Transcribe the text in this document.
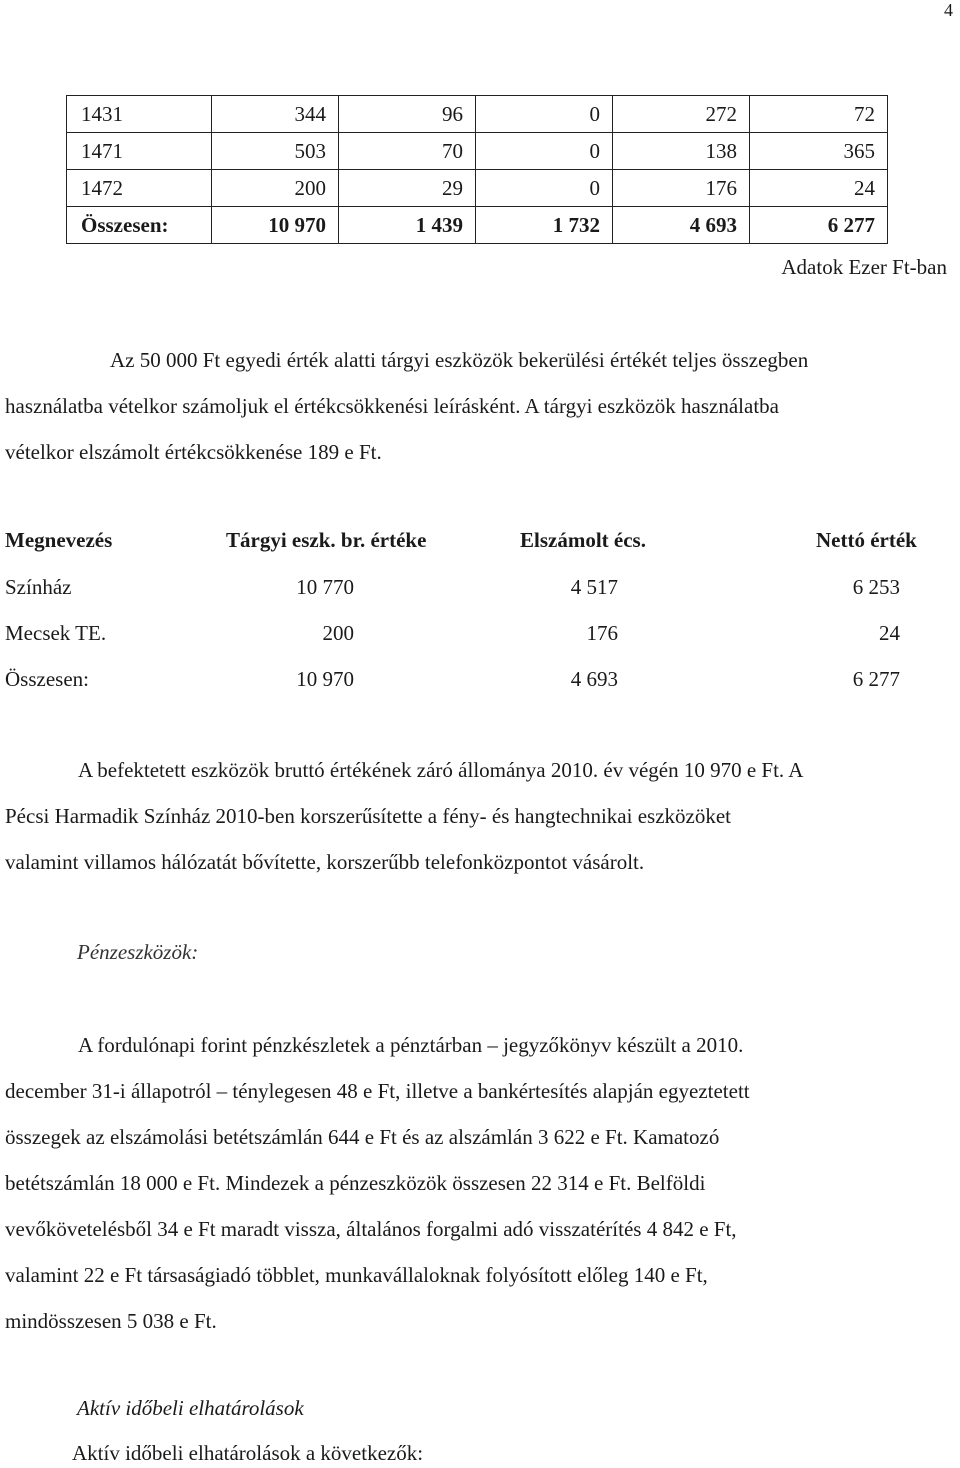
4
1431	344	96	0	272	72
1471	503	70	0	138	365
1472	200	29	0	176	24
Összesen:	10 970	1 439	1 732	4 693	6 277
Adatok Ezer Ft-ban

Az 50 000 Ft egyedi érték alatti tárgyi eszközök bekerülési értékét teljes összegben

használatba vételkor számoljuk el értékcsökkenési leírásként. A tárgyi eszközök használatba

vételkor elszámolt értékcsökkenése 189 e Ft.

Megnevezés	Tárgyi eszk. br. értéke	Elszámolt écs.	Nettó érték
Színház	10 770	4 517	6 253
Mecsek TE.	200	176	24
Összesen:	10 970	4 693	6 277

A befektetett eszközök bruttó értékének záró állománya 2010. év végén 10 970 e Ft. A

Pécsi Harmadik Színház 2010-ben korszerűsítette a fény- és hangtechnikai eszközöket

valamint villamos hálózatát bővítette, korszerűbb telefonközpontot vásárolt.

Pénzeszközök:

A fordulónapi forint pénzkészletek a pénztárban – jegyzőkönyv készült a 2010.

december 31-i állapotról – ténylegesen 48 e Ft, illetve a bankértesítés alapján egyeztetett

összegek az elszámolási betétszámlán 644 e Ft és az alszámlán 3 622 e Ft. Kamatozó

betétszámlán 18 000 e Ft. Mindezek a pénzeszközök összesen 22 314 e Ft. Belföldi

vevőkövetelésből 34 e Ft maradt vissza, általános forgalmi adó visszatérítés 4 842 e Ft,

valamint 22 e Ft társaságiadó többlet, munkavállaloknak folyósított előleg 140 e Ft,

mindösszesen 5 038 e Ft.

Aktív időbeli elhatárolások
Aktív időbeli elhatárolások a következők:
